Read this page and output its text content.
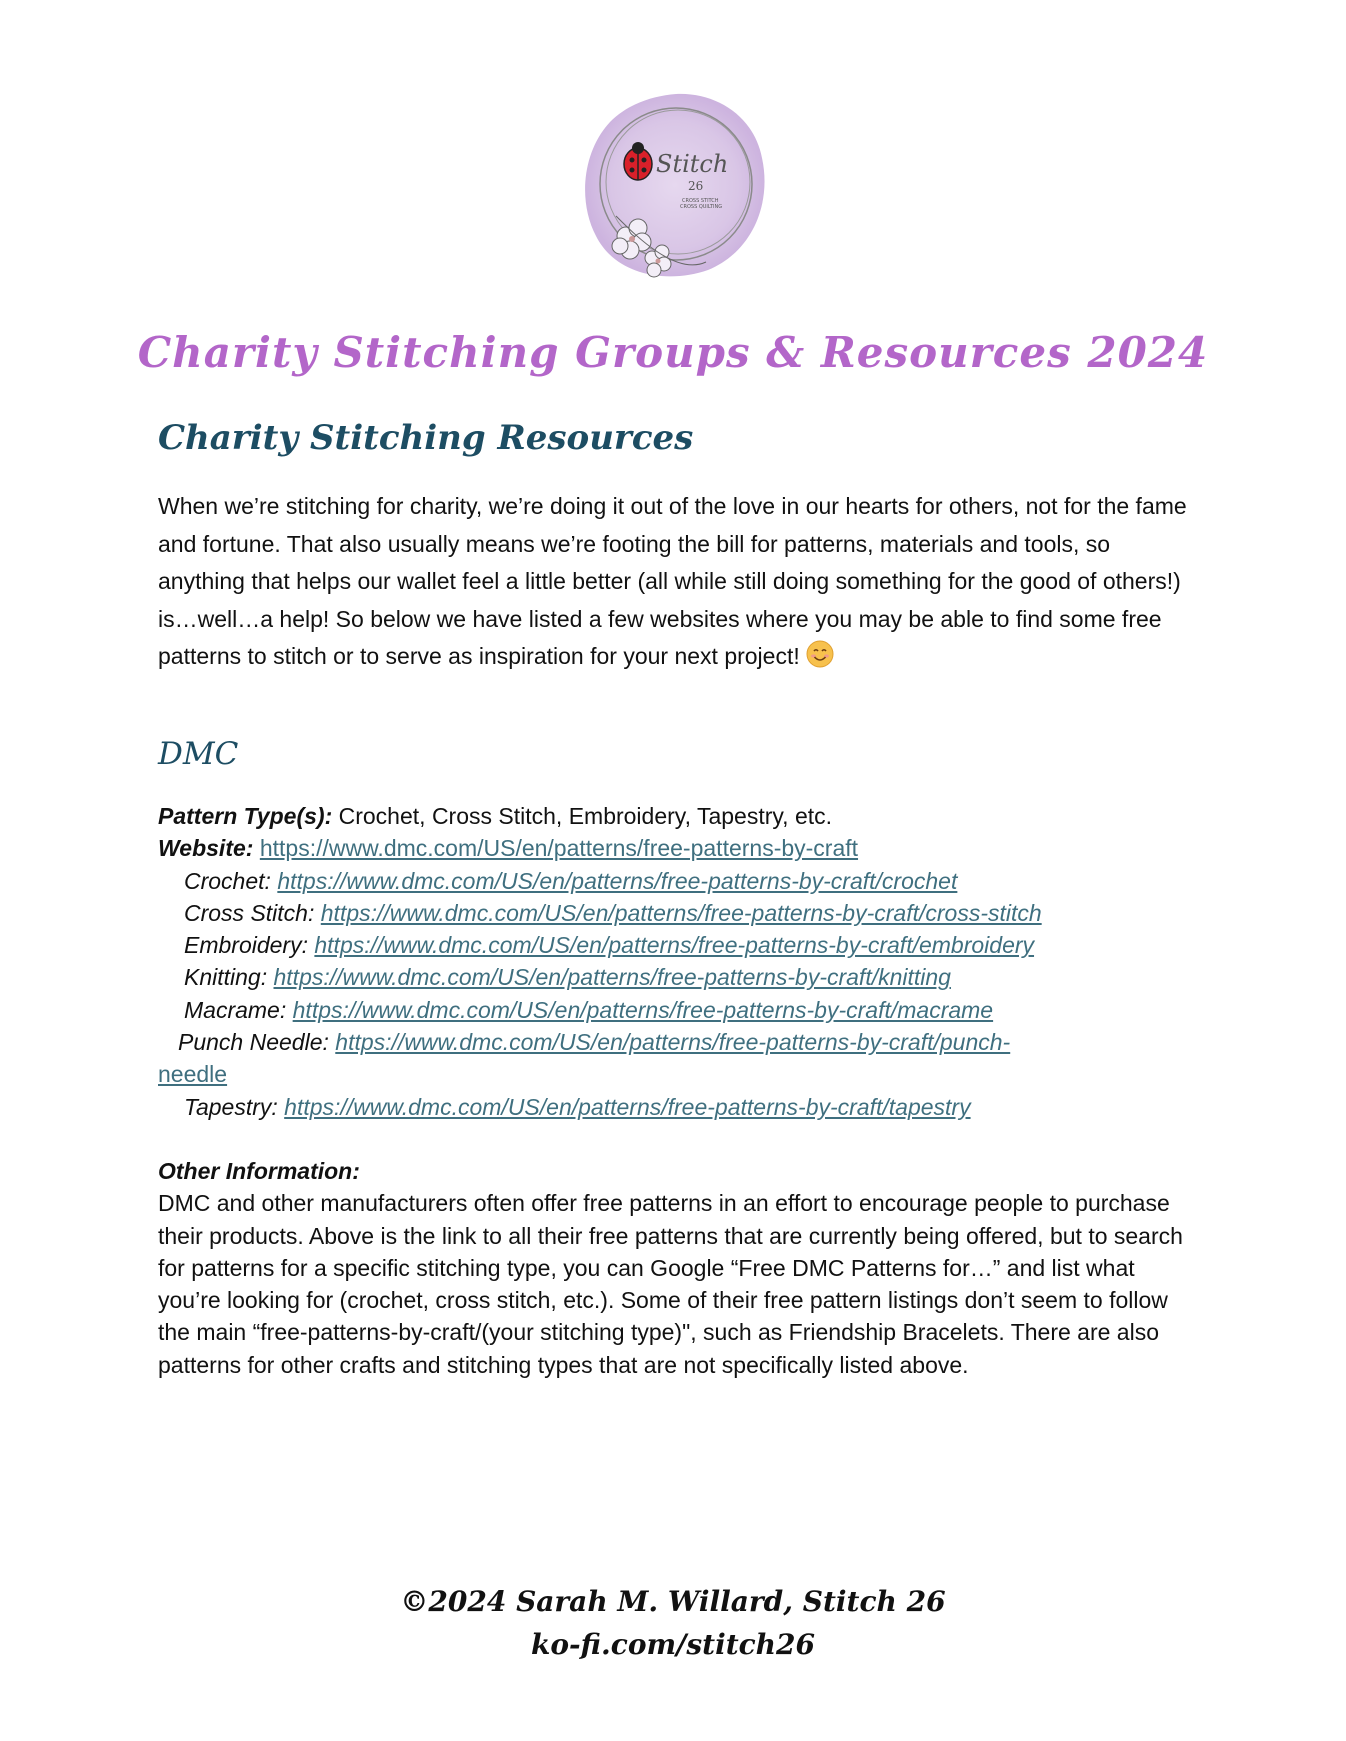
Stitch
26
CROSS STITCH
CROSS QUILTING
Charity Stitching Groups & Resources 2024
Charity Stitching Resources

When we’re stitching for charity, we’re doing it out of the love in our hearts for others, not for the fame and fortune. That also usually means we’re footing the bill for patterns, materials and tools, so anything that helps our wallet feel a little better (all while still doing something for the good of others!) is…well…a help! So below we have listed a few websites where you may be able to find some free patterns to stitch or to serve as inspiration for your next project!

DMC
Pattern Type(s): Crochet, Cross Stitch, Embroidery, Tapestry, etc.
Website: https://www.dmc.com/US/en/patterns/free-patterns-by-craft
Crochet: https://www.dmc.com/US/en/patterns/free-patterns-by-craft/crochet
Cross Stitch: https://www.dmc.com/US/en/patterns/free-patterns-by-craft/cross-stitch
Embroidery: https://www.dmc.com/US/en/patterns/free-patterns-by-craft/embroidery
Knitting: https://www.dmc.com/US/en/patterns/free-patterns-by-craft/knitting
Macrame: https://www.dmc.com/US/en/patterns/free-patterns-by-craft/macrame
Punch Needle: https://www.dmc.com/US/en/patterns/free-patterns-by-craft/punch-
needle
Tapestry: https://www.dmc.com/US/en/patterns/free-patterns-by-craft/tapestry
Other Information:

DMC and other manufacturers often offer free patterns in an effort to encourage people to purchase their products. Above is the link to all their free patterns that are currently being offered, but to search for patterns for a specific stitching type, you can Google “Free DMC Patterns for…” and list what you’re looking for (crochet, cross stitch, etc.). Some of their free pattern listings don’t seem to follow the main “free-patterns-by-craft/(your stitching type)", such as Friendship Bracelets. There are also patterns for other crafts and stitching types that are not specifically listed above.

©2024 Sarah M. Willard, Stitch 26
ko-fi.com/stitch26
